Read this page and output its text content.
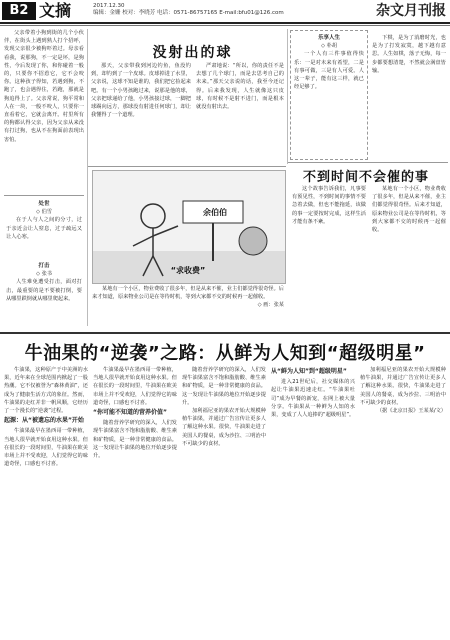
B2 文摘	2017.12.30
编辑：金姗 校对：李晓芳 电话：0571-86757165 E-mail:bfu01@126.com	杂文月刊报

父亲带着小狗到街的几个小伙伴，在街头上遇到熟人打个招呼，发现父亲很少被狗吓着过。母亲看看我，说那狗，不一定是坏，是狗性，今后发现了你，和你碰着一般的，只要你不招惹它，它不会咬你。这种孩子得知，若遇到狗，不跑了，也会遇得住，若跑，那就是狗追得上了。父亲常说，狗平常和人在一块，一般不咬人，只要你一直看着它，它就会离开。村里所有的狗都认得父亲，因为父亲从来没有打过狗，也从不在狗面前表现出害怕。

处世
◇ 伯雪

在于人与人之间的分寸，过于亲近会让人窒息，过于疏远又让人心寒。

打击
◇ 张书

人生难免遭受打击，面对打击，最重要的是不要被打倒，要从哪里跌倒就从哪里爬起来。

没射出的球

那天，父亲带我到河边钓鱼，鱼没钓到，却钓到了一个皮球。皮球掉进了水里，父亲说，这球不知是谁的，我们把它捡起来吧。有一个小男孩跑过来，说那是他的球，父亲把球递给了他，小男孩接过球，一脚把球踢向远方，那球没有射进任何球门，却让我懂得了一个道理。

严肃地说：“所以，你的责任不是去想了几个球门，而是去思考自己的未来。”那天父亲说的话，我至今还记得。后来我发现，人生就像这只皮球，有时候不是射不进门，而是根本就没有射出去。

乐享人生
◇ 朴胡

一个人有三件事值得快乐：一是对未来有希望，二是有事可做，三是有人可爱。人这一辈子，能有这三样，就已经足够了。

下棋，是为了消磨时光，也是为了打发寂寞，越下越有意思。人生如棋，落子无悔，每一步都要想清楚，不然就会满盘皆输。

余伯伯
“求收费”

某地有一个小区，物业费收了很多年，但是从来不催，业主们都觉得很奇怪。后来才知道，原来物业公司是在等待时机，等到大家都不交的时候再一起催收。

◇ 画：张某
不到时间不会催的事

这个故事告诉我们，凡事要有预见性，不到时间的事情不要急着去做，但也不能拖延，该做的事一定要按时完成，这样生活才能有条不紊。

某地有一个小区，物业费收了很多年，但是从来不催，业主们都觉得很奇怪。后来才知道，原来物业公司是在等待时机，等到大家都不交的时候再一起催收。

牛油果的“逆袭”之路：从鲜为人知到“超级明星”

牛油果，这种原产于中美洲的水果，近年来在全球范围内掀起了一股热潮。它不仅被誉为“森林黄油”，还成为了健康生活方式的象征。然而，牛油果的走红并非一帆风顺，它经历了一个漫长的“逆袭”过程。

起源：从“被遗忘的水果”开始

牛油果最早在墨西哥一带种植，当地人很早就开始食用这种水果。但在很长的一段时间里，牛油果在欧美市场上并不受欢迎，人们觉得它的味道奇怪，口感也不讨喜。

牛油果最早在墨西哥一带种植，当地人很早就开始食用这种水果。但在很长的一段时间里，牛油果在欧美市场上并不受欢迎，人们觉得它的味道奇怪，口感也不讨喜。

“你可能不知道的营养价值”

随着营养学研究的深入，人们发现牛油果富含不饱和脂肪酸、维生素和矿物质，是一种非常健康的食品。这一发现让牛油果的地位开始逐步提升。

随着营养学研究的深入，人们发现牛油果富含不饱和脂肪酸、维生素和矿物质，是一种非常健康的食品。这一发现让牛油果的地位开始逐步提升。

加利福尼亚的果农开始大规模种植牛油果，并通过广告宣传让更多人了解这种水果。很快，牛油果走进了美国人的餐桌，成为沙拉、三明治中不可缺少的食材。

从“鲜为人知”到“超级明星”

进入21世纪后，社交媒体的兴起让牛油果迅速走红。“牛油果吐司”成为早餐的新宠，在网上被大量分享。牛油果从一种鲜为人知的水果，变成了人人追捧的“超级明星”。

加利福尼亚的果农开始大规模种植牛油果，并通过广告宣传让更多人了解这种水果。很快，牛油果走进了美国人的餐桌，成为沙拉、三明治中不可缺少的食材。

（据《北京日报》王某某/文）
